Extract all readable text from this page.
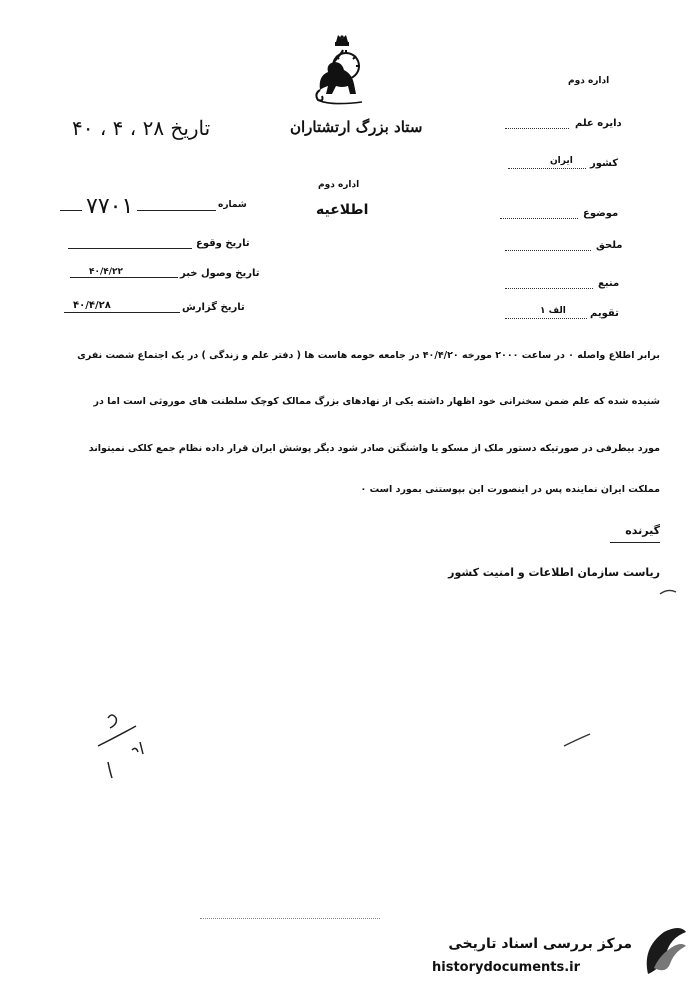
ستاد بزرگ ارتشتاران
اداره دوم
اطلاعیه
اداره دوم
دایره علم
کشور
ایران
موضوع
ملحق
منبع
تقویم
الف ۱
تاریخ ۲۸ ، ۴ ، ۴۰
شماره
۷۷۰۱
تاریخ وقوع
تاریخ وصول خبر
۴۰/۴/۲۲
تاریخ گزارش
۴۰/۴/۲۸
برابر اطلاع واصله ۰ در ساعت ۲۰۰۰ مورخه ۴۰/۴/۲۰ در جامعه حومه هاست ها ( دفتر علم و زندگی ) در یک اجتماع شصت نفری
شنیده شده که علم ضمن سخنرانی خود اظهار داشته یکی از نهادهای بزرگ ممالک کوچک سلطنت های موروثی است اما در
مورد بیطرفی در صورتیکه دستور ملک از مسکو یا واشنگتن صادر شود دیگر پوشش ایران قرار داده نظام جمع کلکی نمیتواند
مملکت ایران نماینده پس در اینصورت این بپوستنی بمورد است ۰
گیرنده
ریاست سازمان اطلاعات و امنیت کشور
مرکز بررسی اسناد تاریخی
historydocuments.ir
